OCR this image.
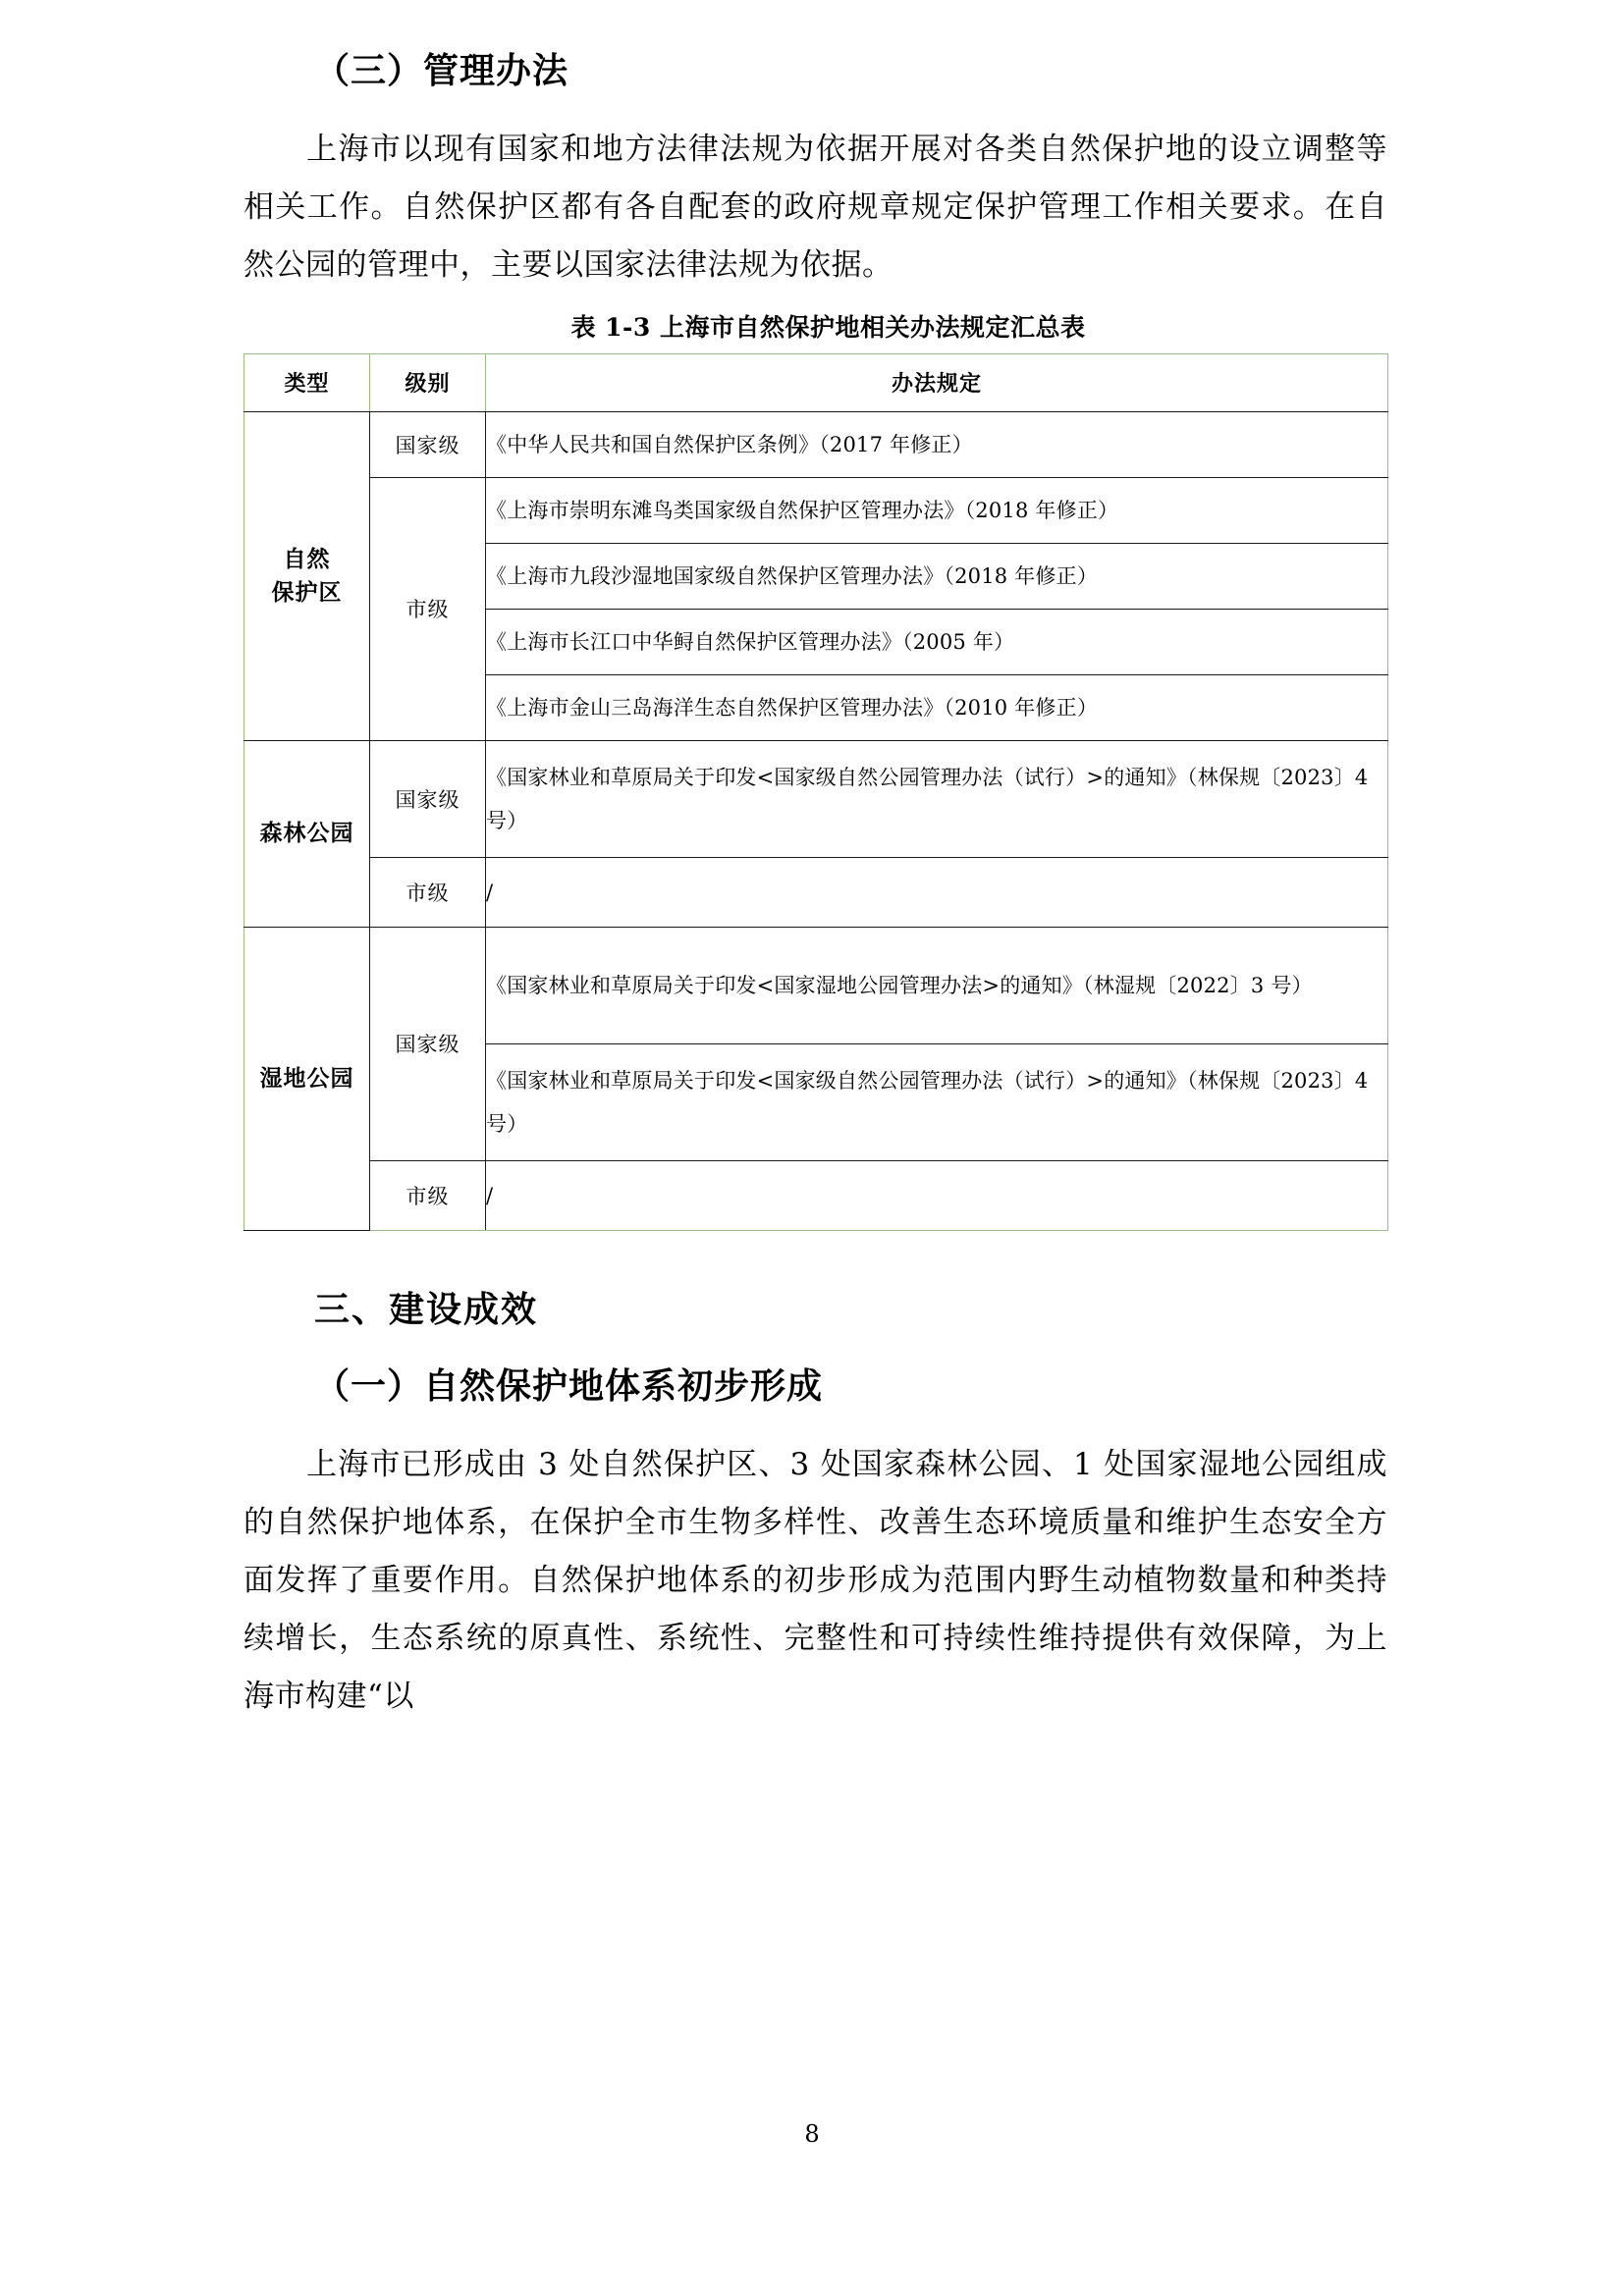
（三）管理办法

上海市以现有国家和地方法律法规为依据开展对各类自然保护地的设立调整等相关工作。自然保护区都有各自配套的政府规章规定保护管理工作相关要求。在自然公园的管理中，主要以国家法律法规为依据。

表 1-3 上海市自然保护地相关办法规定汇总表
类型	级别	办法规定
自然
保护区	国家级	《中华人民共和国自然保护区条例》（2017 年修正）
	市级	《上海市崇明东滩鸟类国家级自然保护区管理办法》（2018 年修正）
		《上海市九段沙湿地国家级自然保护区管理办法》（2018 年修正）
		《上海市长江口中华鲟自然保护区管理办法》（2005 年）
		《上海市金山三岛海洋生态自然保护区管理办法》（2010 年修正）
森林公园	国家级	《国家林业和草原局关于印发<国家级自然公园管理办法（试行）>的通知》（林保规〔2023〕4 号）
	市级	/
湿地公园	国家级	《国家林业和草原局关于印发<国家湿地公园管理办法>的通知》（林湿规〔2022〕3 号）
		《国家林业和草原局关于印发<国家级自然公园管理办法（试行）>的通知》（林保规〔2023〕4 号）
	市级	/
三、建设成效
（一）自然保护地体系初步形成

上海市已形成由 3 处自然保护区、3 处国家森林公园、1 处国家湿地公园组成的自然保护地体系，在保护全市生物多样性、改善生态环境质量和维护生态安全方面发挥了重要作用。自然保护地体系的初步形成为范围内野生动植物数量和种类持续增长，生态系统的原真性、系统性、完整性和可持续性维持提供有效保障，为上海市构建“以

8
